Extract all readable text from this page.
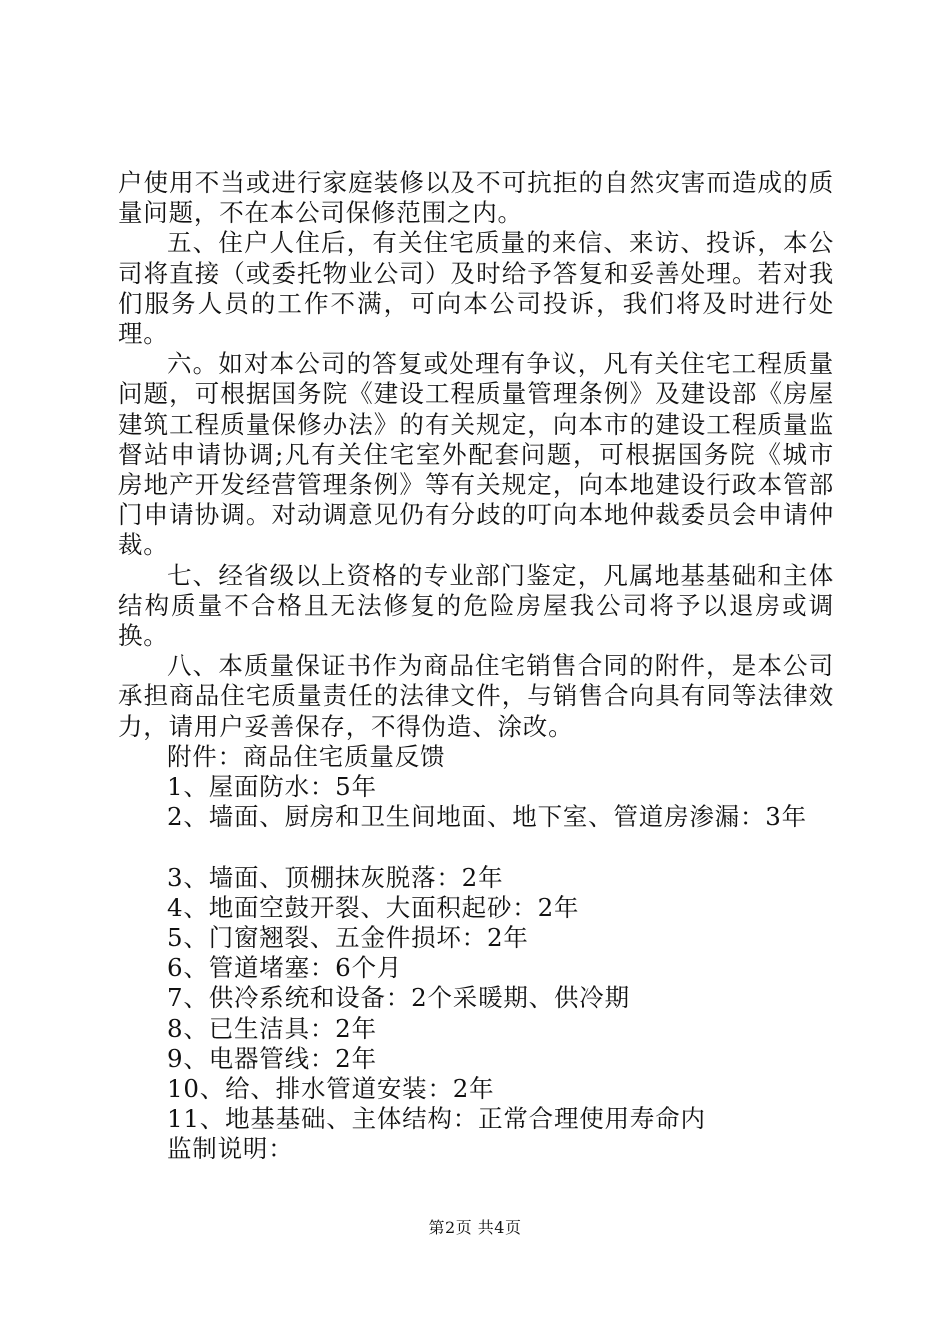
户使用不当或进行家庭装修以及不可抗拒的自然灾害而造成的质量问题，不在本公司保修范围之内。

五、住户人住后，有关住宅质量的来信、来访、投诉，本公司将直接（或委托物业公司）及时给予答复和妥善处理。若对我们服务人员的工作不满，可向本公司投诉，我们将及时进行处理。

六。如对本公司的答复或处理有争议，凡有关住宅工程质量问题，可根据国务院《建设工程质量管理条例》及建设部《房屋建筑工程质量保修办法》的有关规定，向本市的建设工程质量监督站申请协调;凡有关住宅室外配套问题，可根据国务院《城市房地产开发经营管理条例》等有关规定，向本地建设行政本管部门申请协调。对动调意见仍有分歧的叮向本地仲裁委员会申请仲裁。

七、经省级以上资格的专业部门鉴定，凡属地基基础和主体结构质量不合格且无法修复的危险房屋我公司将予以退房或调换。

八、本质量保证书作为商品住宅销售合同的附件，是本公司承担商品住宅质量责任的法律文件，与销售合向具有同等法律效力，请用户妥善保存，不得伪造、涂改。

附件：商品住宅质量反馈

1、屋面防水：5年

2、墙面、厨房和卫生间地面、地下室、管道房渗漏：3年

3、墙面、顶棚抹灰脱落：2年

4、地面空鼓开裂、大面积起砂：2年

5、门窗翘裂、五金件损坏：2年

6、管道堵塞：6个月

7、供冷系统和设备：2个采暖期、供冷期

8、已生洁具：2年

9、电器管线：2年

10、给、排水管道安装：2年

11、地基基础、主体结构：正常合理使用寿命内

监制说明：

第2页 共4页
